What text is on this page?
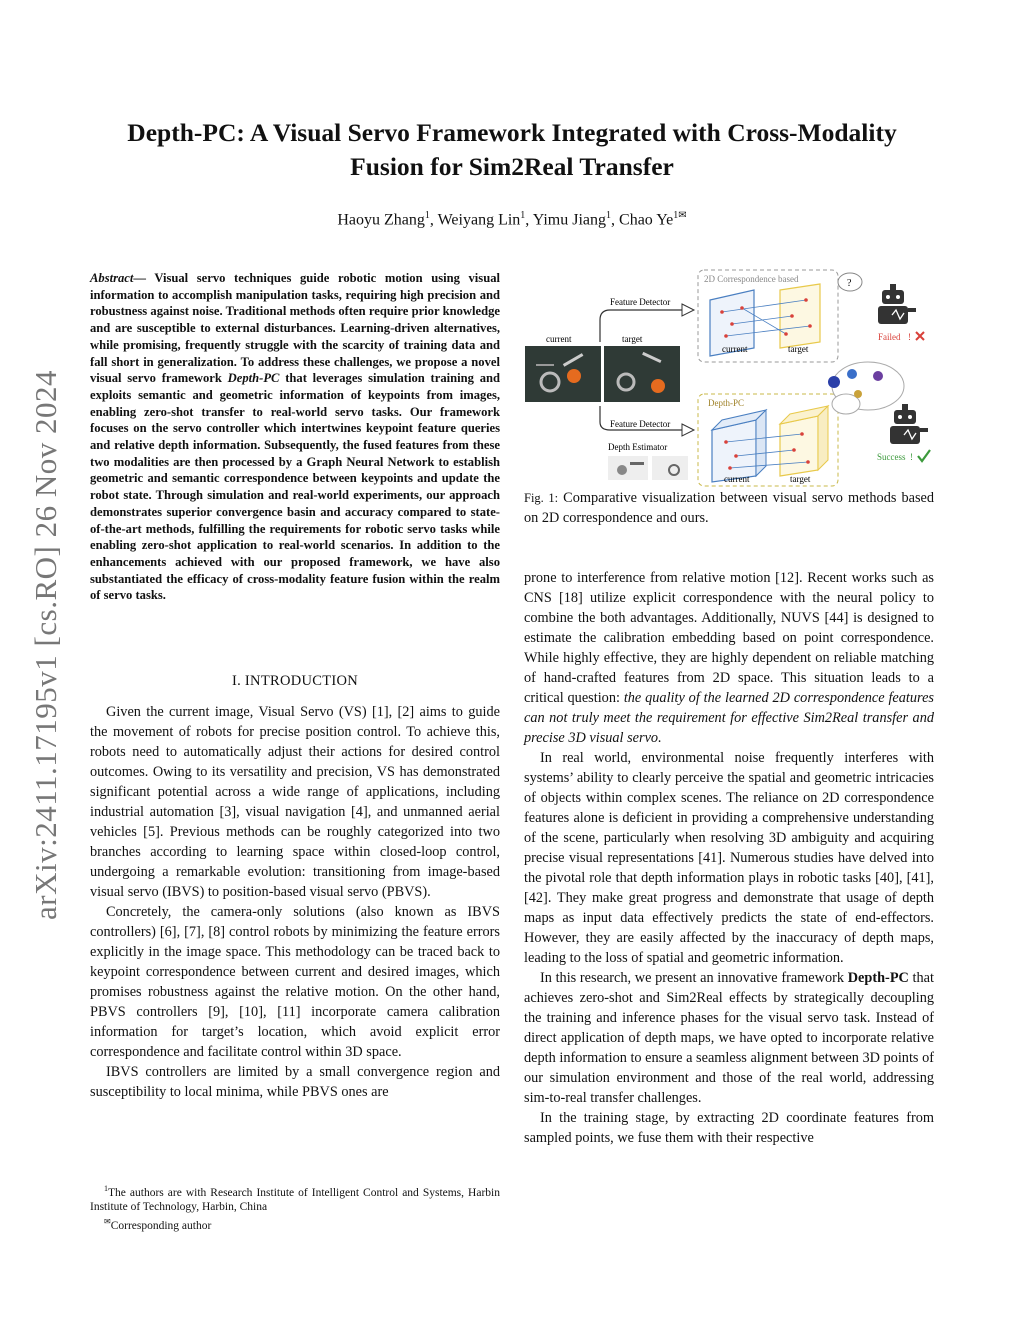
Depth-PC: A Visual Servo Framework Integrated with Cross-Modality
Fusion for Sim2Real Transfer
Haoyu Zhang$^1$, Weiyang Lin$^1$, Yimu Jiang$^1$, Chao $Ye^{1✉}$
arXiv:2411.17195v1 [cs.RO] 26 Nov 2024
Abstract— Visual servo techniques guide robotic motion using visual information to accomplish manipulation tasks, requiring high precision and robustness against noise. Traditional methods often require prior knowledge and are susceptible to external disturbances. Learning-driven alternatives, while promising, frequently struggle with the scarcity of training data and fall short in generalization. To address these challenges, we propose a novel visual servo framework Depth-PC that leverages simulation training and exploits semantic and geometric information of keypoints from images, enabling zero-shot transfer to real-world servo tasks. Our framework focuses on the servo controller which intertwines keypoint feature queries and relative depth information. Subsequently, the fused features from these two modalities are then processed by a Graph Neural Network to establish geometric and semantic correspondence between keypoints and update the robot state. Through simulation and real-world experiments, our approach demonstrates superior convergence basin and accuracy compared to state-of-the-art methods, fulfilling the requirements for robotic servo tasks while enabling zero-shot application to real-world scenarios. In addition to the enhancements achieved with our proposed framework, we have also substantiated the efficacy of cross-modality feature fusion within the realm of servo tasks.
I. INTRODUCTION

Given the current image, Visual Servo (VS) [1], [2] aims to guide the movement of robots for precise position control. To achieve this, robots need to automatically adjust their actions for desired control outcomes. Owing to its versatility and precision, VS has demonstrated significant potential across a wide range of applications, including industrial automation [3], visual navigation [4], and unmanned aerial vehicles [5]. Previous methods can be roughly categorized into two branches according to learning space within closed-loop control, undergoing a remarkable evolution: transitioning from image-based visual servo (IBVS) to position-based visual servo (PBVS).

Concretely, the camera-only solutions (also known as IBVS controllers) [6], [7], [8] control robots by minimizing the feature errors explicitly in the image space. This methodology can be traced back to keypoint correspondence between current and desired images, which promises robustness against the relative motion. On the other hand, PBVS controllers [9], [10], [11] incorporate camera calibration information for target’s location, which avoid explicit error correspondence and facilitate control within 3D space.

IBVS controllers are limited by a small convergence region and susceptibility to local minima, while PBVS ones are

$^1$The authors are with Research Institute of Intelligent Control and Systems, Harbin Institute of Technology, Harbin, China

✉Corresponding author

current	target
Feature Detector
Feature Detector
Depth Estimator
2D Correspondence based
current	target
Depth-PC
current	target
?
Failed !
Success !
Fig. 1: Comparative visualization between visual servo methods based on 2D correspondence and ours.

prone to interference from relative motion [12]. Recent works such as CNS [18] utilize explicit correspondence with the neural policy to combine the both advantages. Additionally, NUVS [44] is designed to estimate the calibration embedding based on point correspondence. While highly effective, they are highly dependent on reliable matching of hand-crafted features from 2D space. This situation leads to a critical question: the quality of the learned 2D correspondence features can not truly meet the requirement for effective Sim2Real transfer and precise 3D visual servo.

In real world, environmental noise frequently interferes with systems’ ability to clearly perceive the spatial and geometric intricacies of objects within complex scenes. The reliance on 2D correspondence features alone is deficient in providing a comprehensive understanding of the scene, particularly when resolving 3D ambiguity and acquiring precise visual representations [41]. Numerous studies have delved into the pivotal role that depth information plays in robotic tasks [40], [41], [42]. They make great progress and demonstrate that usage of depth maps as input data effectively predicts the state of end-effectors. However, they are easily affected by the inaccuracy of depth maps, leading to the loss of spatial and geometric information.

In this research, we present an innovative framework Depth-PC that achieves zero-shot and Sim2Real effects by strategically decoupling the training and inference phases for the visual servo task. Instead of direct application of depth maps, we have opted to incorporate relative depth information to ensure a seamless alignment between 3D points of our simulation environment and those of the real world, addressing sim-to-real transfer challenges.

In the training stage, by extracting 2D coordinate features from sampled points, we fuse them with their respective
